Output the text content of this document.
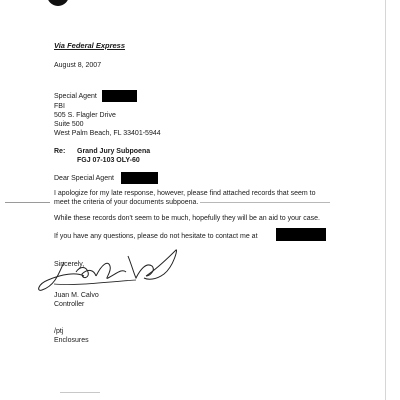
Via Federal Express
August 8, 2007
Special Agent
FBI
505 S. Flagler Drive
Suite 500
West Palm Beach, FL 33401-5944
Re: Grand Jury Subpoena
FGJ 07-103 OLY-60
Dear Special Agent
I apologize for my late response, however, please find attached records that seem to
meet the criteria of your documents subpoena.
While these records don't seem to be much, hopefully they will be an aid to your case.
If you have any questions, please do not hesitate to contact me at
Sincerely,
Juan M. Calvo
Controller
/ptj
Enclosures
